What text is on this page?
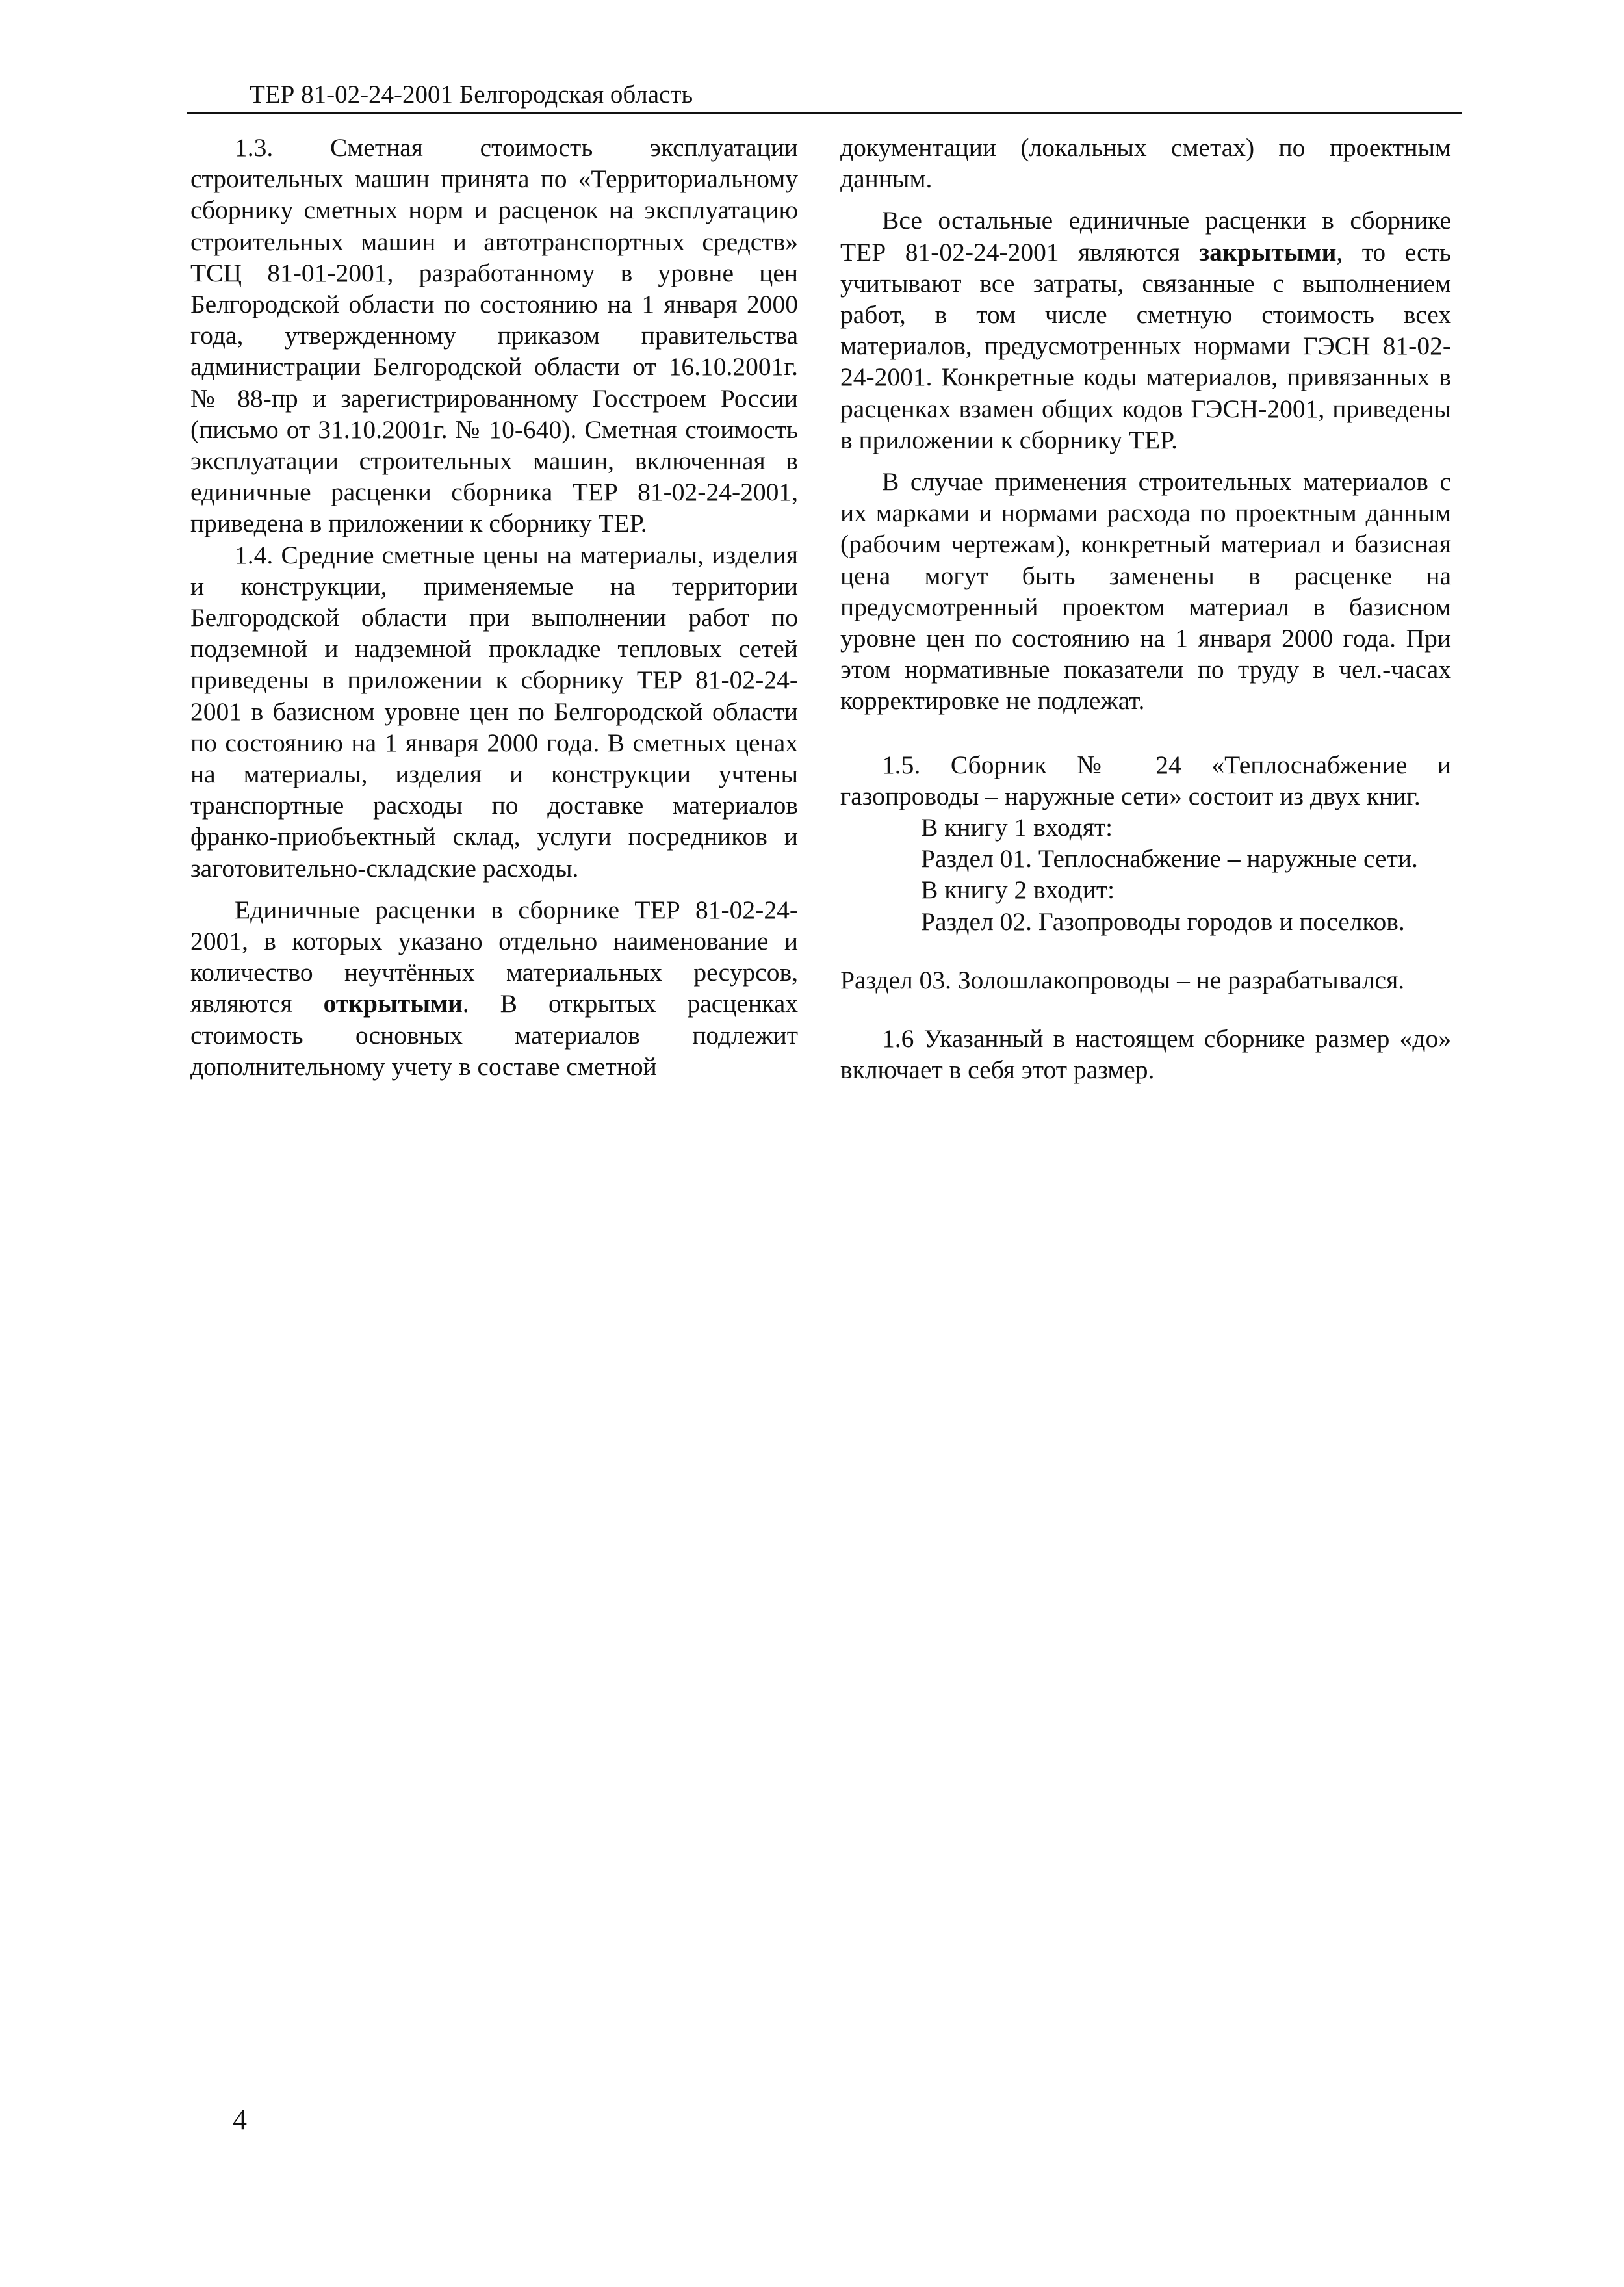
ТЕР 81-02-24-2001 Белгородская область

1.3. Сметная стоимость эксплуатации строительных машин принята по «Территориальному сборнику сметных норм и расценок на эксплуатацию строительных машин и автотранспортных средств» ТСЦ 81-01-2001, разработанному в уровне цен Белгородской области по состоянию на 1 января 2000 года, утвержденному приказом правительства администрации Белгородской области от 16.10.2001г. № 88-пр и зарегистрированному Госстроем России (письмо от 31.10.2001г. № 10-640). Сметная стоимость эксплуатации строительных машин, включенная в единичные расценки сборника ТЕР 81-02-24-2001, приведена в приложении к сборнику ТЕР.

1.4. Средние сметные цены на материалы, изделия и конструкции, применяемые на территории Белгородской области при выполнении работ по подземной и надземной прокладке тепловых сетей приведены в приложении к сборнику ТЕР 81-02-24-2001 в базисном уровне цен по Белгородской области по состоянию на 1 января 2000 года. В сметных ценах на материалы, изделия и конструкции учтены транспортные расходы по доставке материалов франко-приобъектный склад, услуги посредников и заготовительно-складские расходы.

Единичные расценки в сборнике ТЕР 81-02-24-2001, в которых указано отдельно наименование и количество неучтённых материальных ресурсов, являются открытыми. В открытых расценках стоимость основных материалов подлежит дополнительному учету в составе сметной

документации (локальных сметах) по проектным данным.

Все остальные единичные расценки в сборнике ТЕР 81-02-24-2001 являются закрытыми, то есть учитывают все затраты, связанные с выполнением работ, в том числе сметную стоимость всех материалов, предусмотренных нормами ГЭСН 81-02-24-2001. Конкретные коды материалов, привязанных в расценках взамен общих кодов ГЭСН-2001, приведены в приложении к сборнику ТЕР.

В случае применения строительных материалов с их марками и нормами расхода по проектным данным (рабочим чертежам), конкретный материал и базисная цена могут быть заменены в расценке на предусмотренный проектом материал в базисном уровне цен по состоянию на 1 января 2000 года. При этом нормативные показатели по труду в чел.-часах корректировке не подлежат.

1.5. Сборник № 24 «Теплоснабжение и газопроводы – наружные сети» состоит из двух книг.

В книгу 1 входят:

Раздел 01. Теплоснабжение – наружные сети.

В книгу 2 входит:

Раздел 02. Газопроводы городов и поселков.

Раздел 03. Золошлакопроводы – не разрабатывался.

1.6 Указанный в настоящем сборнике размер «до» включает в себя этот размер.

4
